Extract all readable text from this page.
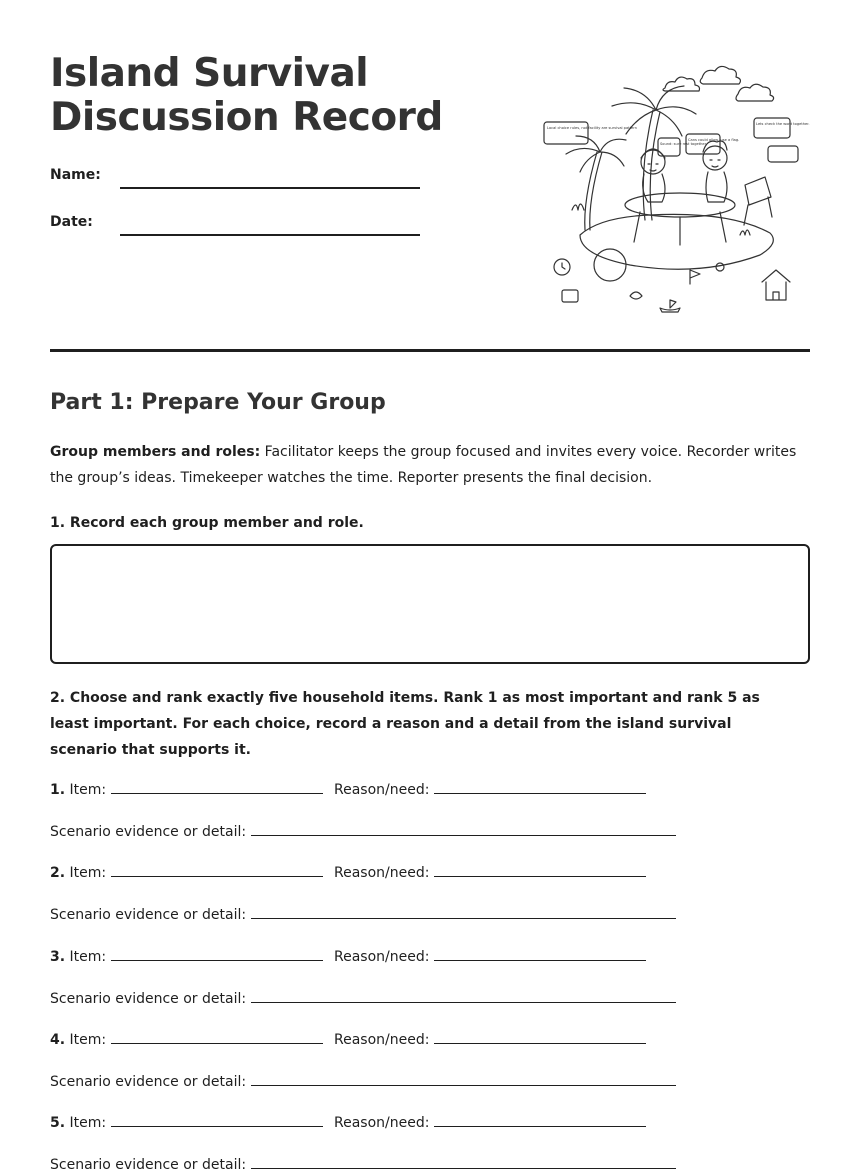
Island Survival
Discussion Record
Name:
Date:
Local choice rules, not facility are survival pattern
Sound: sure rest together.
Cans could allow, use a flag.
Lets check the word together.
Part 1: Prepare Your Group

Group members and roles: Facilitator keeps the group focused and invites every voice. Recorder writes the group’s ideas. Timekeeper watches the time. Reporter presents the final decision.

1. Record each group member and role.

2. Choose and rank exactly five household items. Rank 1 as most important and rank 5 as least important. For each choice, record a reason and a detail from the island survival scenario that supports it.

1. Item:	Reason/need:
Scenario evidence or detail:
2. Item:	Reason/need:
Scenario evidence or detail:
3. Item:	Reason/need:
Scenario evidence or detail:
4. Item:	Reason/need:
Scenario evidence or detail:
5. Item:	Reason/need:
Scenario evidence or detail:
